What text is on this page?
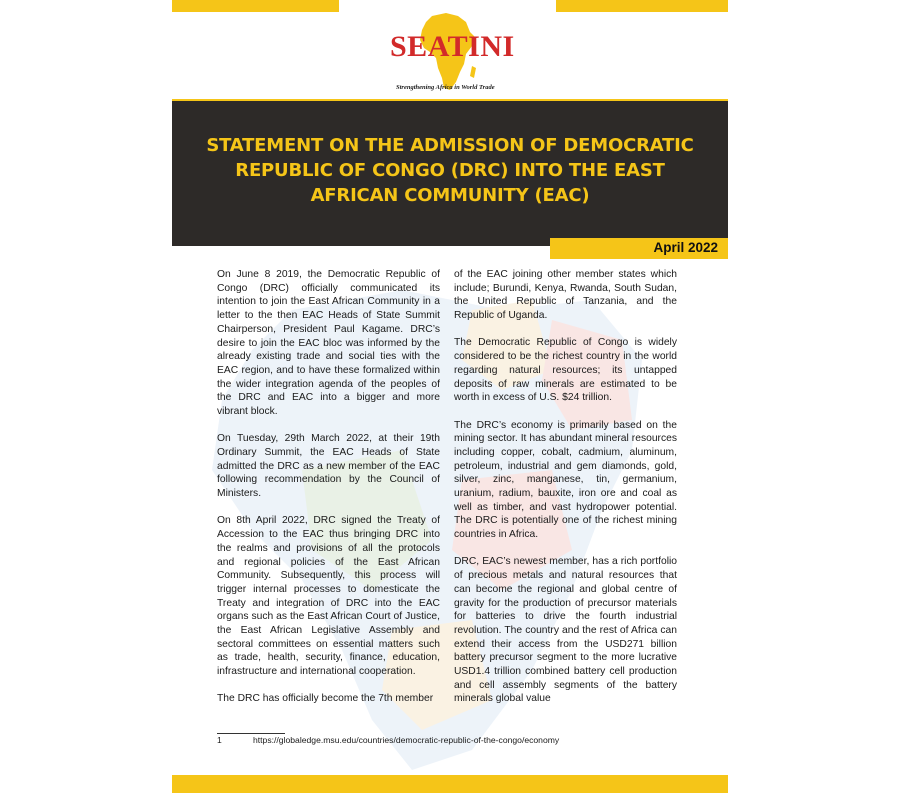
SEATINI
Strengthening Africa in World Trade
STATEMENT ON THE ADMISSION OF DEMOCRATIC REPUBLIC OF CONGO (DRC) INTO THE EAST AFRICAN COMMUNITY (EAC)
April 2022

On June 8 2019, the Democratic Republic of Congo (DRC) officially communicated its intention to join the East African Community in a letter to the then EAC Heads of State Summit Chairperson, President Paul Kagame. DRC’s desire to join the EAC bloc was informed by the already existing trade and social ties with the EAC region, and to have these formalized within the wider integration agenda of the peoples of the DRC and EAC into a bigger and more vibrant block.

On Tuesday, 29th March 2022, at their 19th Ordinary Summit, the EAC Heads of State admitted the DRC as a new member of the EAC following recommendation by the Council of Ministers.

On 8th April 2022, DRC signed the Treaty of Accession to the EAC thus bringing DRC into the realms and provisions of all the protocols and regional policies of the East African Community. Subsequently, this process will trigger internal processes to domesticate the Treaty and integration of DRC into the EAC organs such as the East African Court of Justice, the East African Legislative Assembly and sectoral committees on essential matters such as trade, health, security, finance, education, infrastructure and international cooperation.

The DRC has officially become the 7th member

of the EAC joining other member states which include; Burundi, Kenya, Rwanda, South Sudan, the United Republic of Tanzania, and the Republic of Uganda.

The Democratic Republic of Congo is widely considered to be the richest country in the world regarding natural resources; its untapped deposits of raw minerals are estimated to be worth in excess of U.S. $24 trillion.

The DRC’s economy is primarily based on the mining sector. It has abundant mineral resources including copper, cobalt, cadmium, aluminum, petroleum, industrial and gem diamonds, gold, silver, zinc, manganese, tin, germanium, uranium, radium, bauxite, iron ore and coal as well as timber, and vast hydropower potential. The DRC is potentially one of the richest mining countries in Africa.

DRC, EAC’s newest member, has a rich portfolio of precious metals and natural resources that can become the regional and global centre of gravity for the production of precursor materials for batteries to drive the fourth industrial revolution. The country and the rest of Africa can extend their access from the USD271 billion battery precursor segment to the more lucrative USD1.4 trillion combined battery cell production and cell assembly segments of the battery minerals global value

1	https://globaledge.msu.edu/countries/democratic-republic-of-the-congo/economy
